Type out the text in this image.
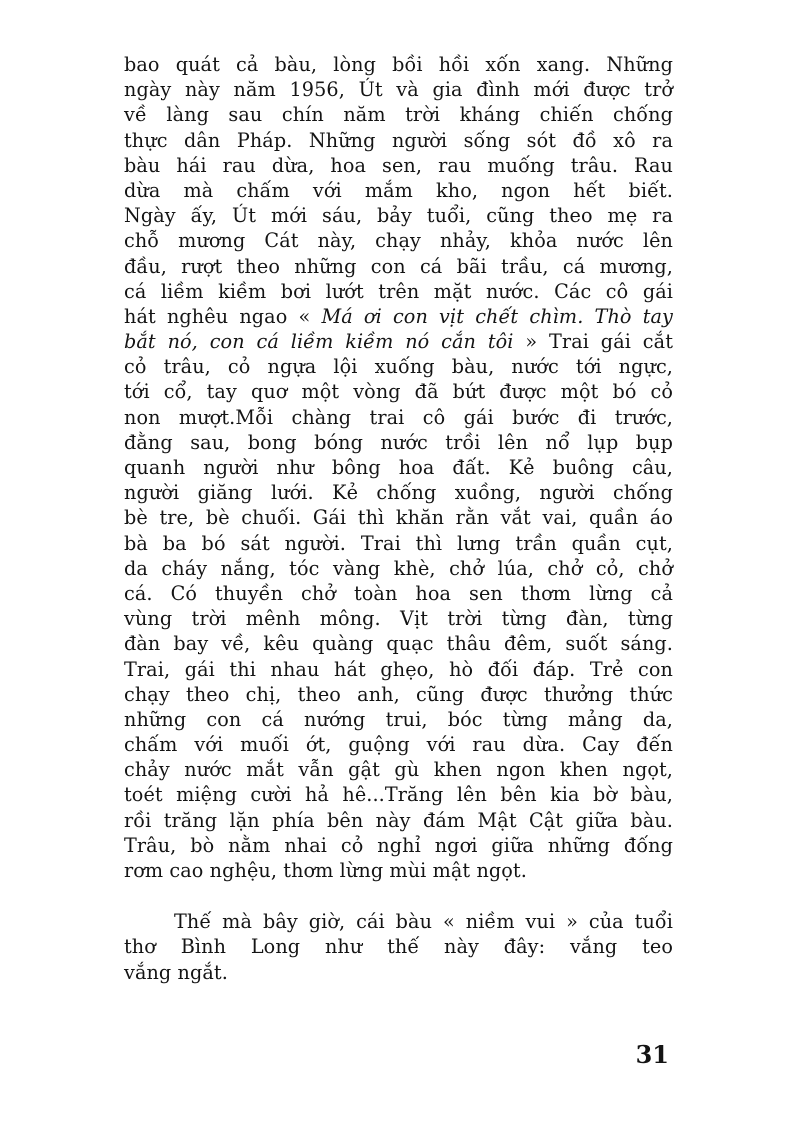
bao quát cả bàu, lòng bồi hồi xốn xang. Những
ngày này năm 1956, Út và gia đình mới được trở
về làng sau chín năm trời kháng chiến chống
thực dân Pháp. Những người sống sót đồ xô ra
bàu hái rau dừa, hoa sen, rau muống trâu. Rau
dừa mà chấm với mắm kho, ngon hết biết.
Ngày ấy, Út mới sáu, bảy tuổi, cũng theo mẹ ra
chỗ mương Cát này, chạy nhảy, khỏa nước lên
đầu, rượt theo những con cá bãi trầu, cá mương,
cá liềm kiềm bơi lướt trên mặt nước. Các cô gái
hát nghêu ngao « Má ơi con vịt chết chìm. Thò tay
bắt nó, con cá liềm kiềm nó cắn tôi » Trai gái cắt
cỏ trâu, cỏ ngựa lội xuống bàu, nước tới ngực,
tới cổ, tay quơ một vòng đã bứt được một bó cỏ
non mượt.Mỗi chàng trai cô gái bước đi trước,
đằng sau, bong bóng nước trồi lên nổ lụp bụp
quanh người như bông hoa đất. Kẻ buông câu,
người giăng lưới. Kẻ chống xuồng, người chống
bè tre, bè chuối. Gái thì khăn rằn vắt vai, quần áo
bà ba bó sát người. Trai thì lưng trần quần cụt,
da cháy nắng, tóc vàng khè, chở lúa, chở cỏ, chở
cá. Có thuyền chở toàn hoa sen thơm lừng cả
vùng trời mênh mông. Vịt trời từng đàn, từng
đàn bay về, kêu quàng quạc thâu đêm, suốt sáng.
Trai, gái thi nhau hát ghẹo, hò đối đáp. Trẻ con
chạy theo chị, theo anh, cũng được thưởng thức
những con cá nướng trui, bóc từng mảng da,
chấm với muối ớt, guộng với rau dừa. Cay đến
chảy nước mắt vẫn gật gù khen ngon khen ngọt,
toét miệng cười hả hê...Trăng lên bên kia bờ bàu,
rồi trăng lặn phía bên này đám Mật Cật giữa bàu.
Trâu, bò nằm nhai cỏ nghỉ ngơi giữa những đống
rơm cao nghệu, thơm lừng mùi mật ngọt.
Thế mà bây giờ, cái bàu « niềm vui » của tuổi
thơ Bình Long như thế này đây: vắng teo
vắng ngắt.
31
